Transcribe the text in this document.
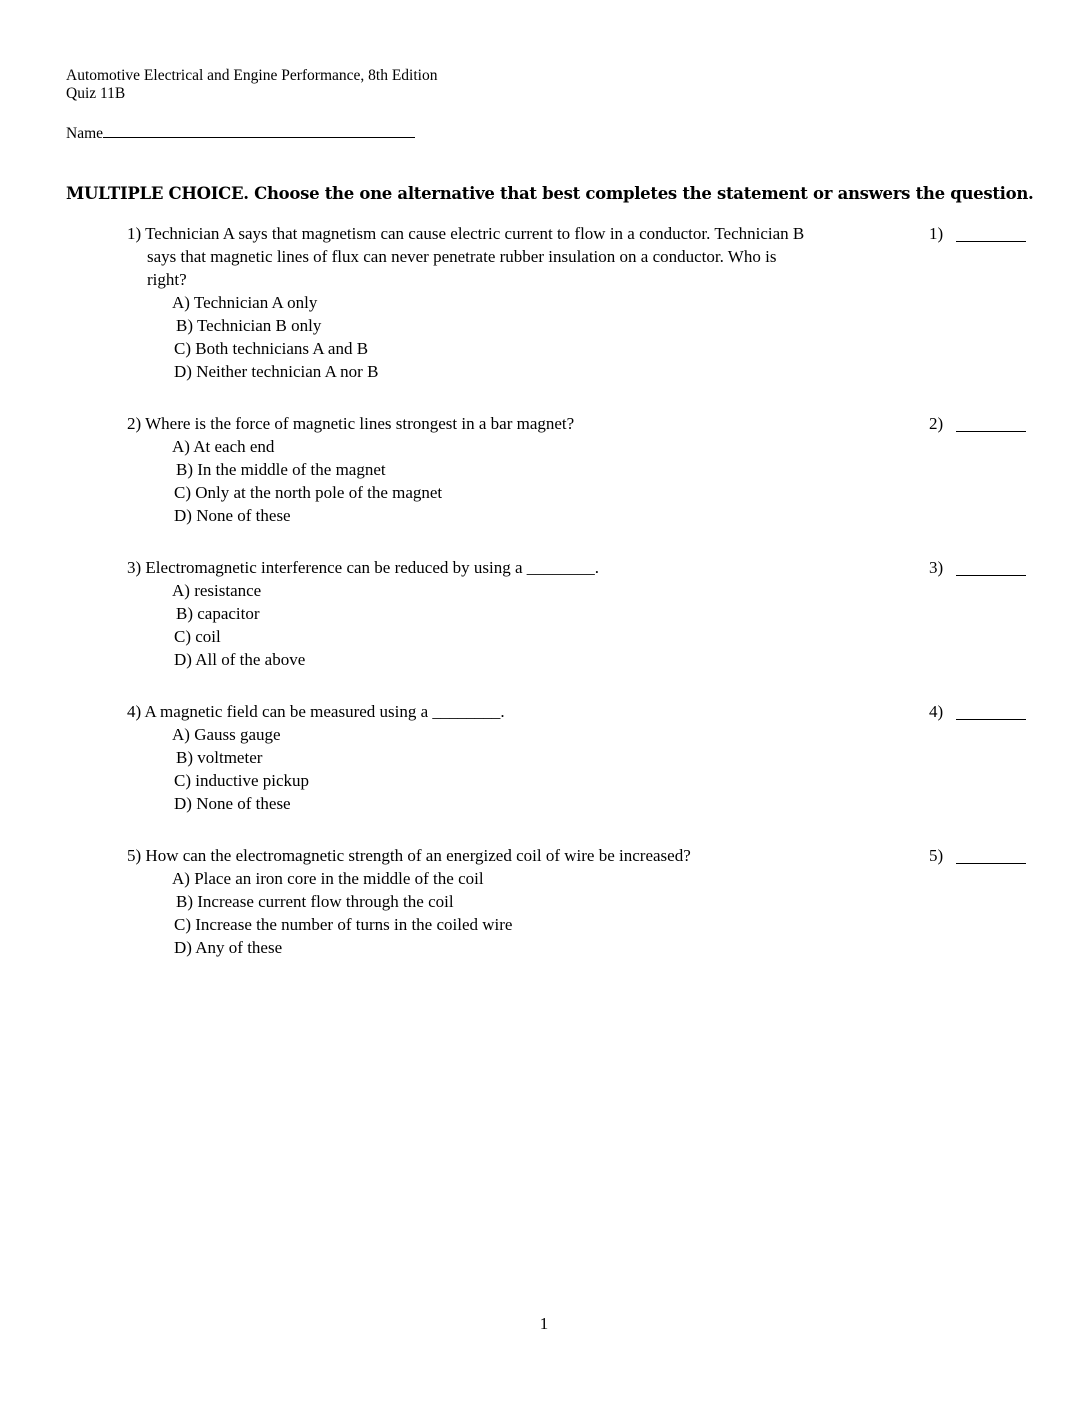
Automotive Electrical and Engine Performance, 8th Edition
Quiz 11B
Name
MULTIPLE CHOICE. Choose the one alternative that best completes the statement or answers the question.
1) Technician A says that magnetism can cause electric current to flow in a conductor. Technician B
says that magnetic lines of flux can never penetrate rubber insulation on a conductor. Who is
right?
A) Technician A only
B) Technician B only
C) Both technicians A and B
D) Neither technician A nor B
1)
2) Where is the force of magnetic lines strongest in a bar magnet?
A) At each end
B) In the middle of the magnet
C) Only at the north pole of the magnet
D) None of these
2)
3) Electromagnetic interference can be reduced by using a ________.
A) resistance
B) capacitor
C) coil
D) All of the above
3)
4) A magnetic field can be measured using a ________.
A) Gauss gauge
B) voltmeter
C) inductive pickup
D) None of these
4)
5) How can the electromagnetic strength of an energized coil of wire be increased?
A) Place an iron core in the middle of the coil
B) Increase current flow through the coil
C) Increase the number of turns in the coiled wire
D) Any of these
5)
1
